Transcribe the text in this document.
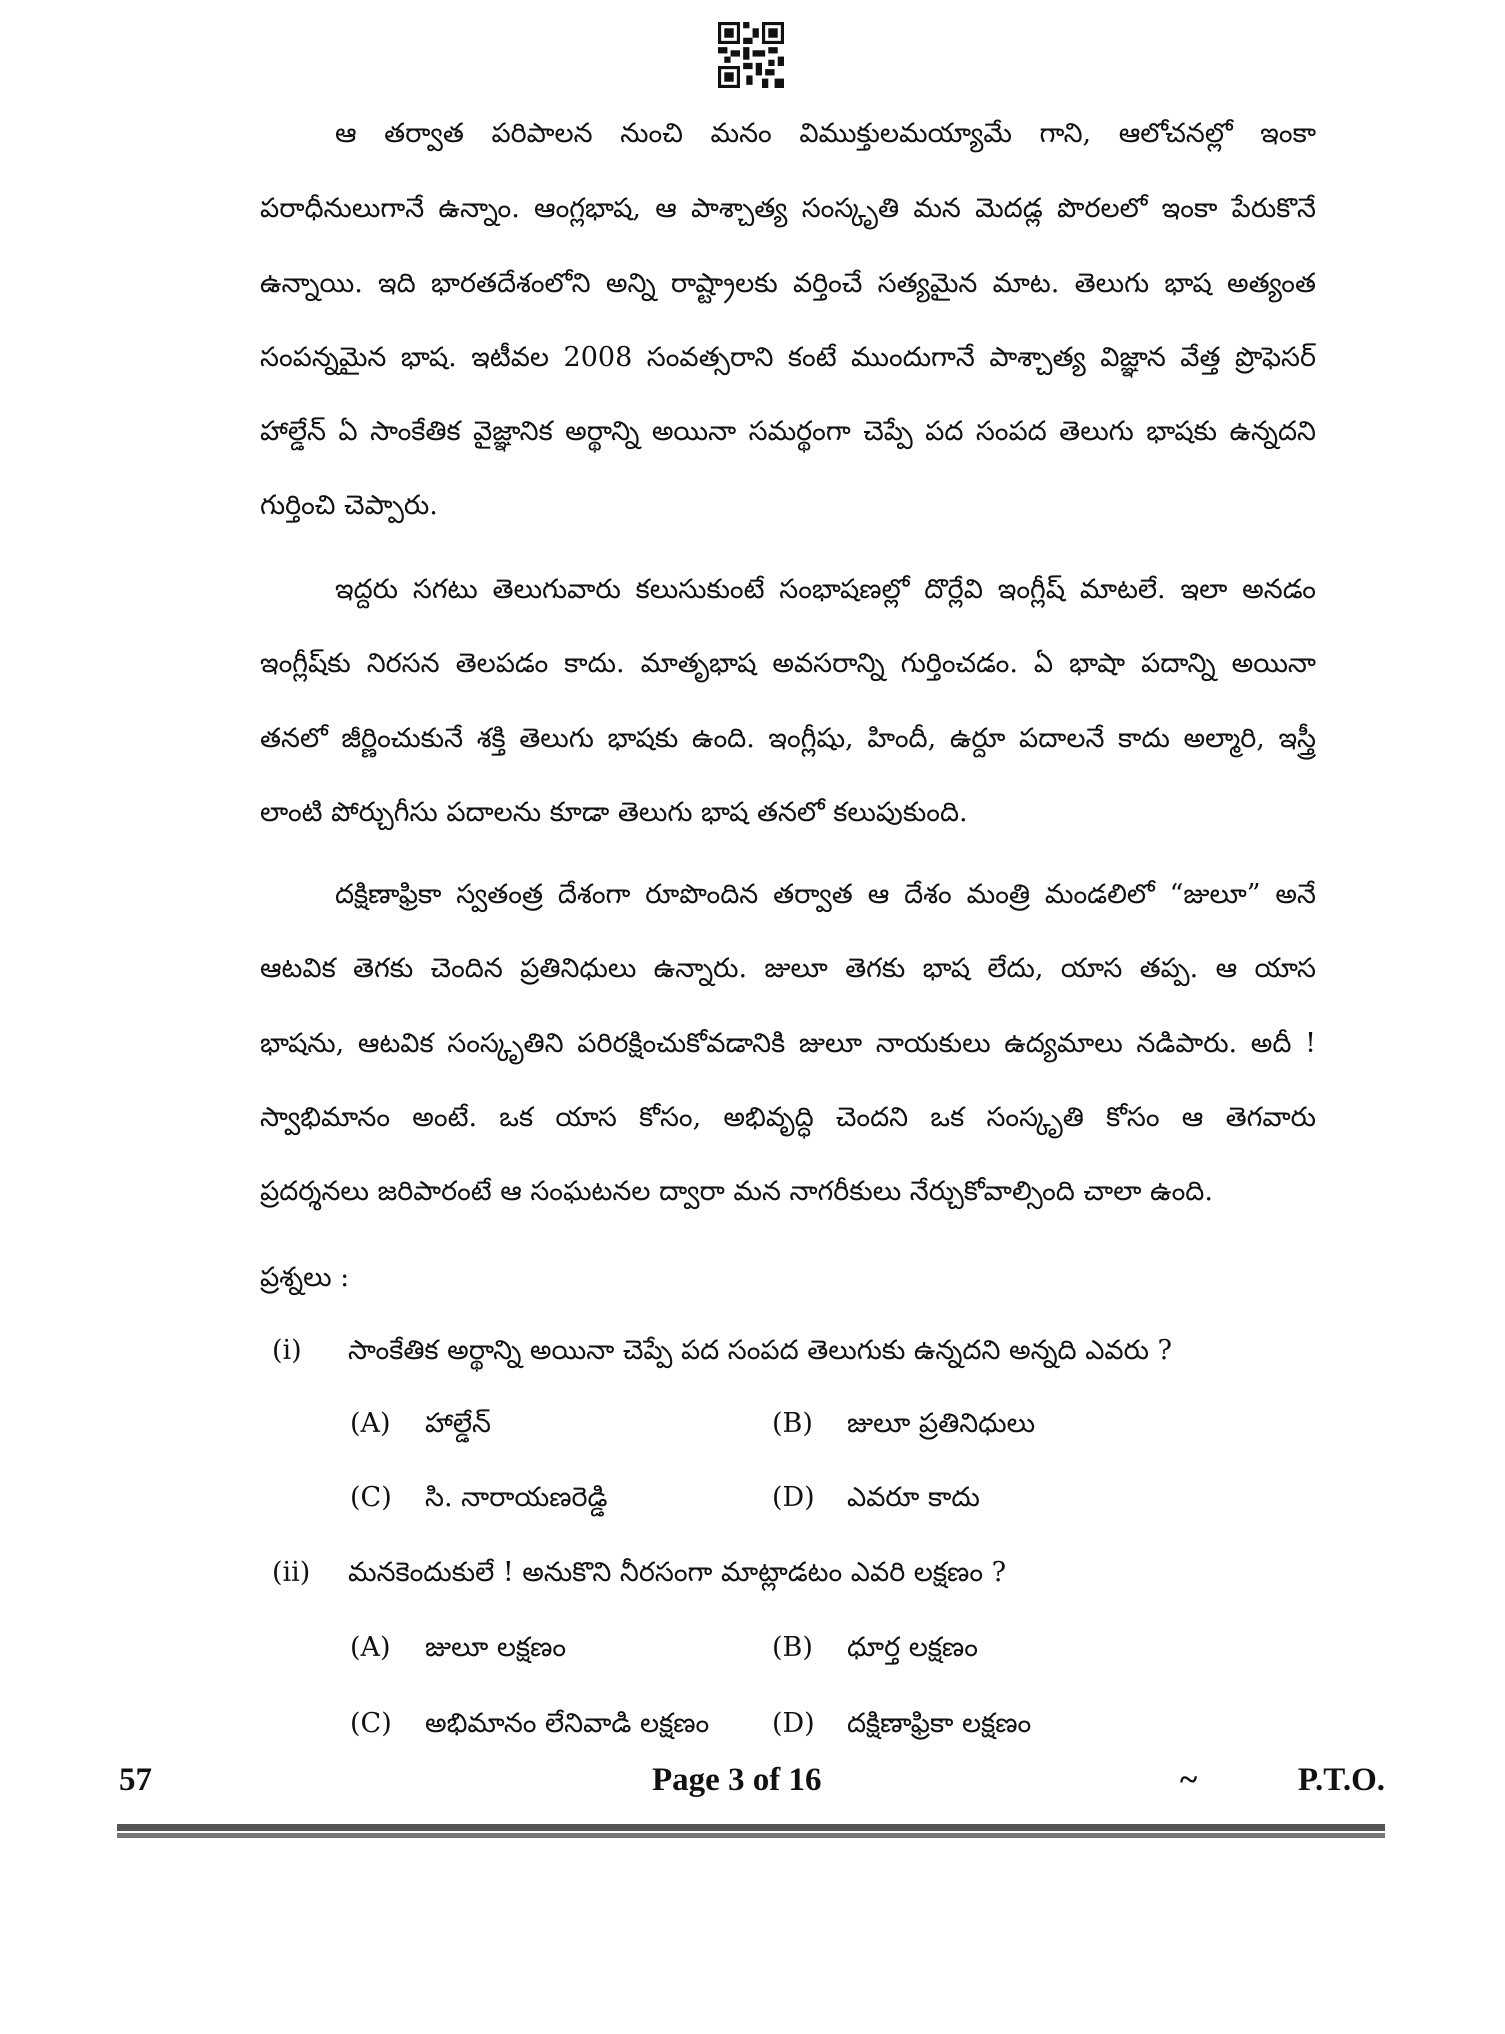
ఆ తర్వాత పరిపాలన నుంచి మనం విముక్తులమయ్యామే గాని, ఆలోచనల్లో ఇంకా
పరాధీనులుగానే ఉన్నాం. ఆంగ్లభాష, ఆ పాశ్చాత్య సంస్కృతి మన మెదడ్ల పొరలలో ఇంకా పేరుకొనే
ఉన్నాయి. ఇది భారతదేశంలోని అన్ని రాష్ట్రాలకు వర్తించే సత్యమైన మాట. తెలుగు భాష అత్యంత
సంపన్నమైన భాష. ఇటీవల 2008 సంవత్సరాని కంటే ముందుగానే పాశ్చాత్య విజ్ఞాన వేత్త ప్రొఫెసర్
హాల్డేన్ ఏ సాంకేతిక వైజ్ఞానిక అర్థాన్ని అయినా సమర్థంగా చెప్పే పద సంపద తెలుగు భాషకు ఉన్నదని
గుర్తించి చెప్పారు.
ఇద్దరు సగటు తెలుగువారు కలుసుకుంటే సంభాషణల్లో దొర్లేవి ఇంగ్లీష్ మాటలే. ఇలా అనడం
ఇంగ్లీష్‌కు నిరసన తెలపడం కాదు. మాతృభాష అవసరాన్ని గుర్తించడం. ఏ భాషా పదాన్ని అయినా
తనలో జీర్ణించుకునే శక్తి తెలుగు భాషకు ఉంది. ఇంగ్లీషు, హిందీ, ఉర్దూ పదాలనే కాదు అల్మారి, ఇస్త్రీ
లాంటి పోర్చుగీసు పదాలను కూడా తెలుగు భాష తనలో కలుపుకుంది.
దక్షిణాఫ్రికా స్వతంత్ర దేశంగా రూపొందిన తర్వాత ఆ దేశం మంత్రి మండలిలో “జులూ” అనే
ఆటవిక తెగకు చెందిన ప్రతినిధులు ఉన్నారు. జులూ తెగకు భాష లేదు, యాస తప్ప. ఆ యాస
భాషను, ఆటవిక సంస్కృతిని పరిరక్షించుకోవడానికి జులూ నాయకులు ఉద్యమాలు నడిపారు. అదీ !
స్వాభిమానం అంటే. ఒక యాస కోసం, అభివృద్ధి చెందని ఒక సంస్కృతి కోసం ఆ తెగవారు
ప్రదర్శనలు జరిపారంటే ఆ సంఘటనల ద్వారా మన నాగరీకులు నేర్చుకోవాల్సింది చాలా ఉంది.
ప్రశ్నలు :
(i) సాంకేతిక అర్థాన్ని అయినా చెప్పే పద సంపద తెలుగుకు ఉన్నదని అన్నది ఎవరు ?
(A) హాల్డేన్	(B) జులూ ప్రతినిధులు
(C) సి. నారాయణరెడ్డి	(D) ఎవరూ కాదు
(ii) మనకెందుకులే ! అనుకొని నీరసంగా మాట్లాడటం ఎవరి లక్షణం ?
(A) జులూ లక్షణం	(B) ధూర్త లక్షణం
(C) అభిమానం లేనివాడి లక్షణం (D) దక్షిణాఫ్రికా లక్షణం
57	Page 3 of 16	~	P.T.O.
